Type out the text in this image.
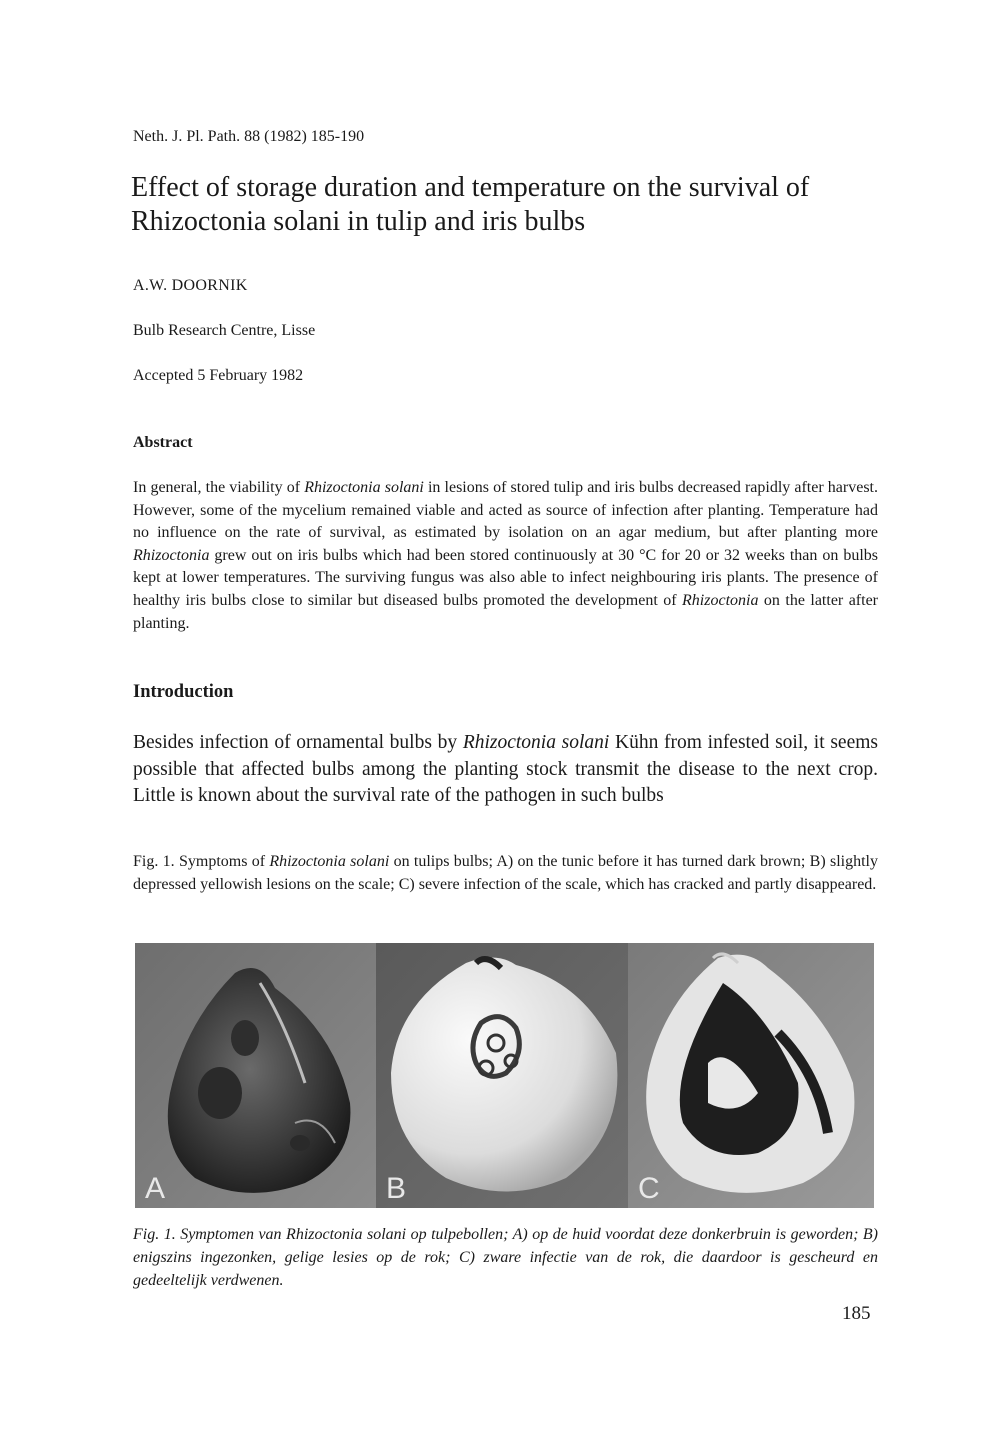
Neth. J. Pl. Path. 88 (1982) 185-190
Effect of storage duration and temperature on the survival of Rhizoctonia solani in tulip and iris bulbs
A.W. DOORNIK
Bulb Research Centre, Lisse
Accepted 5 February 1982
Abstract
In general, the viability of Rhizoctonia solani in lesions of stored tulip and iris bulbs decreased rapidly after harvest. However, some of the mycelium remained viable and acted as source of infection after planting. Temperature had no influence on the rate of survival, as estimated by isolation on an agar medium, but after planting more Rhizoctonia grew out on iris bulbs which had been stored continuously at 30 °C for 20 or 32 weeks than on bulbs kept at lower temperatures. The surviving fungus was also able to infect neighbouring iris plants. The presence of healthy iris bulbs close to similar but diseased bulbs promoted the development of Rhizoctonia on the latter after planting.
Introduction
Besides infection of ornamental bulbs by Rhizoctonia solani Kühn from infested soil, it seems possible that affected bulbs among the planting stock transmit the disease to the next crop. Little is known about the survival rate of the pathogen in such bulbs
Fig. 1. Symptoms of Rhizoctonia solani on tulips bulbs; A) on the tunic before it has turned dark brown; B) slightly depressed yellowish lesions on the scale; C) severe infection of the scale, which has cracked and partly disappeared.
A	B	C
Fig. 1. Symptomen van Rhizoctonia solani op tulpebollen; A) op de huid voordat deze donkerbruin is geworden; B) enigszins ingezonken, gelige lesies op de rok; C) zware infectie van de rok, die daardoor is gescheurd en gedeeltelijk verdwenen.
185
